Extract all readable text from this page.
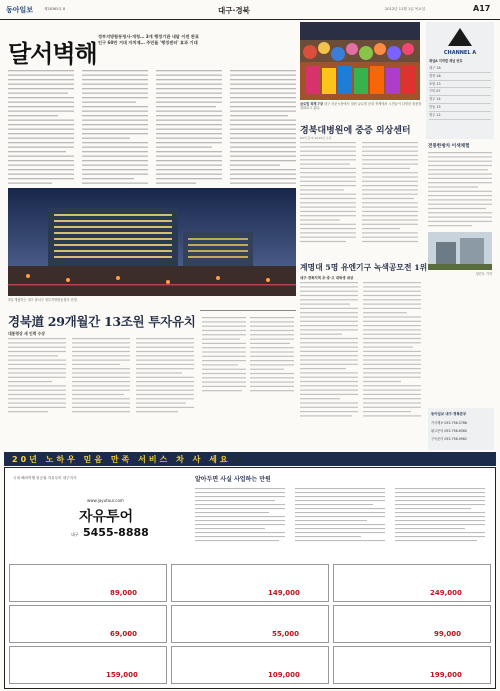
동아일보	제28365호 8	대구·경북	2012년 11월 1일 목요일	A17
달서벽해
정부지방합동청사·개청… 3개 행정기관 내달 이전 완료
인구 60만 거대 자치제… 주민들 '행정센터' 효과 기대
글로벌 축제 7장 대구 서문시장에서 열린 글로벌 문화 축제에서 시민들이 다양한 물품을 살펴보고 있다.
CHANNEL A
채널A 지역별 채널 번호
대구 18
경북 16
포항 13
구미 07
경주 14
안동 15
영주 12
경북대병원에 중증 외상센터
60억 들여 2014년 오픈
전통한방차 이색체험
정진우 기자
계명대 5명 유엔기구 녹색공모전 1위
대구·경북지역 초·중·고 대학생 대상
3일 개청하는 대구 달서구 정부지방합동청사 전경.
경북道 29개월간 13조원 투자유치
대통령상 새 인력 수상
동아일보 대구·경북본부
기사제보 053-756-5788
광고문의 053-756-6560
구독문의 053-756-9962
20년 노하우 믿음 만족 서비스 차 사 세요
www.jayutour.com
자유투어
대구 5455-8888
알아두면 사실 사업하는 만원
89,000	149,000	249,000
69,000	55,000	99,000
159,000	109,000	199,000
국내 해외여행 항공권 자유투어 대구지사
